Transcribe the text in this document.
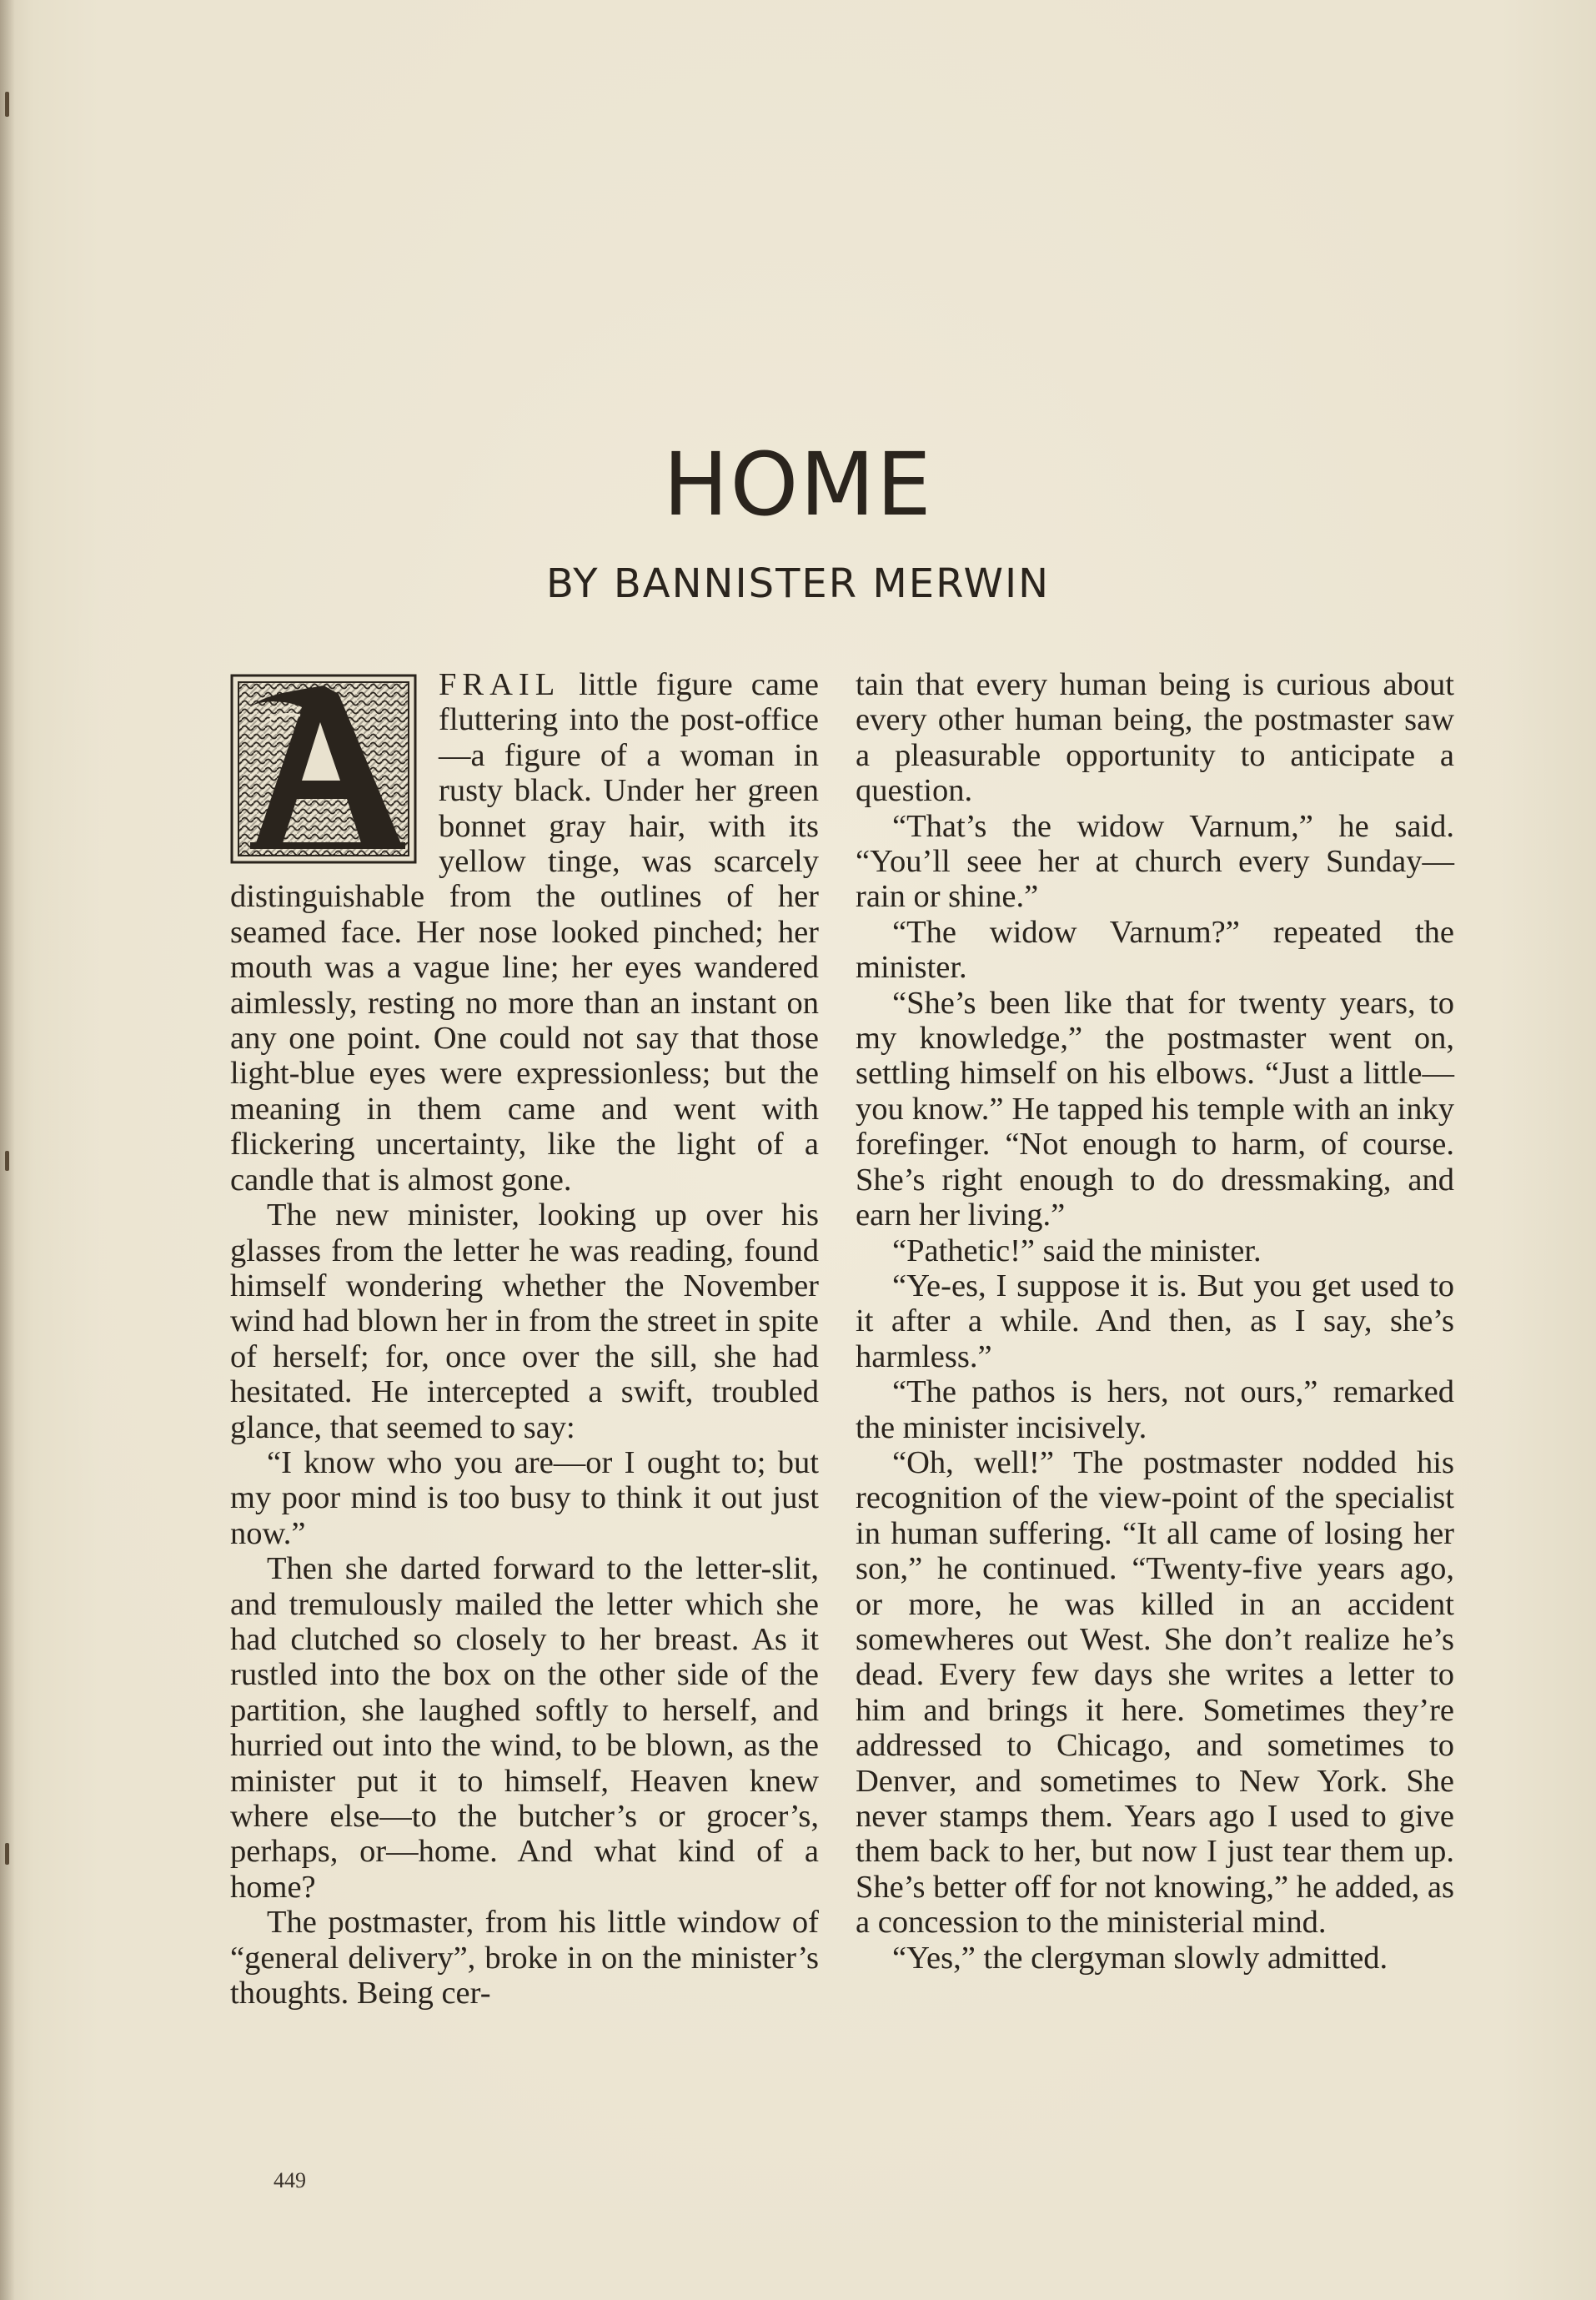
HOME
BY BANNISTER MERWIN

FRAIL little figure came fluttering into the post-office—a figure of a woman in rusty black. Under her green bonnet gray hair, with its yellow tinge, was scarcely distinguishable from the outlines of her seamed face. Her nose looked pinched; her mouth was a vague line; her eyes wandered aimlessly, resting no more than an instant on any one point. One could not say that those light-blue eyes were expressionless; but the meaning in them came and went with flickering uncertainty, like the light of a candle that is almost gone.

The new minister, looking up over his glasses from the letter he was reading, found himself wondering whether the November wind had blown her in from the street in spite of herself; for, once over the sill, she had hesitated. He intercepted a swift, troubled glance, that seemed to say:

“I know who you are—or I ought to; but my poor mind is too busy to think it out just now.”

Then she darted forward to the letter-slit, and tremulously mailed the letter which she had clutched so closely to her breast. As it rustled into the box on the other side of the partition, she laughed softly to herself, and hurried out into the wind, to be blown, as the minister put it to himself, Heaven knew where else—to the butcher’s or grocer’s, perhaps, or—home. And what kind of a home?

The postmaster, from his little window of “general delivery”, broke in on the minister’s thoughts. Being cer-

tain that every human being is curious about every other human being, the postmaster saw a pleasurable opportunity to anticipate a question.

“That’s the widow Varnum,” he said. “You’ll seee her at church every Sunday—rain or shine.”

“The widow Varnum?” repeated the minister.

“She’s been like that for twenty years, to my knowledge,” the postmaster went on, settling himself on his elbows. “Just a little—you know.” He tapped his temple with an inky forefinger. “Not enough to harm, of course. She’s right enough to do dressmaking, and earn her living.”

“Pathetic!” said the minister.

“Ye-es, I suppose it is. But you get used to it after a while. And then, as I say, she’s harmless.”

“The pathos is hers, not ours,” remarked the minister incisively.

“Oh, well!” The postmaster nodded his recognition of the view-point of the specialist in human suffering. “It all came of losing her son,” he continued. “Twenty-five years ago, or more, he was killed in an accident somewheres out West. She don’t realize he’s dead. Every few days she writes a letter to him and brings it here. Sometimes they’re addressed to Chicago, and sometimes to Denver, and sometimes to New York. She never stamps them. Years ago I used to give them back to her, but now I just tear them up. She’s better off for not knowing,” he added, as a concession to the ministerial mind.

“Yes,” the clergyman slowly admitted.

449
